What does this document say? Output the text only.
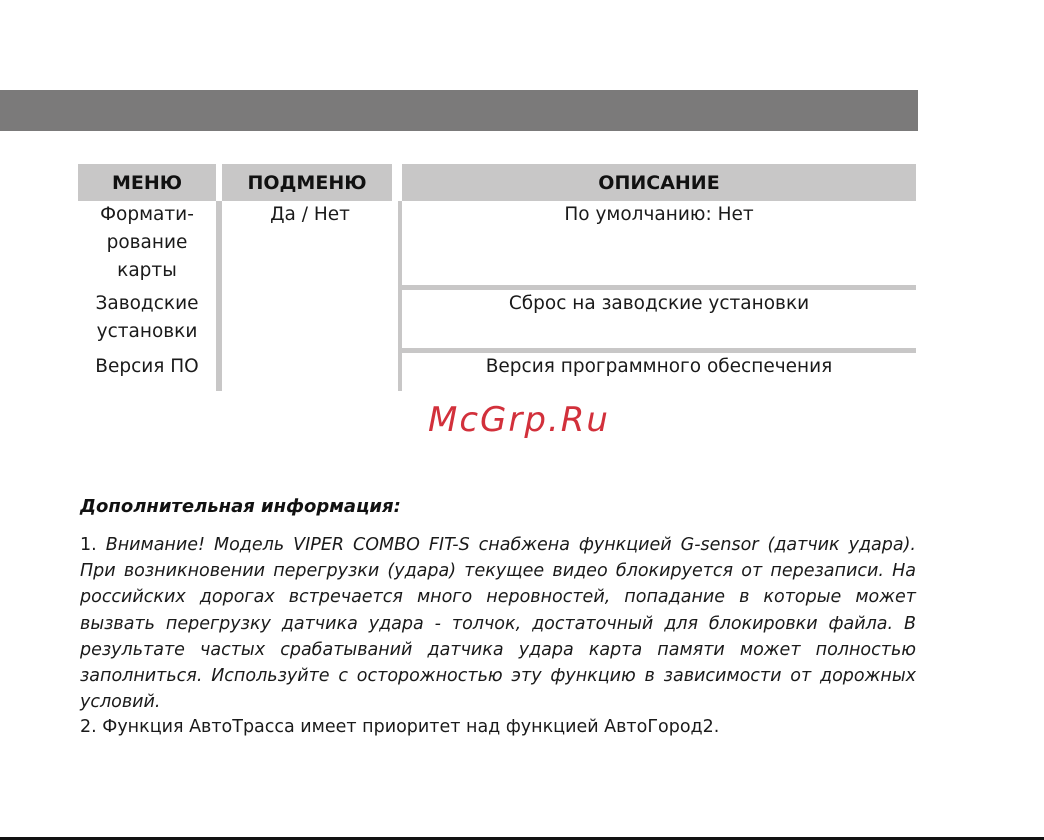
МЕНЮ	ПОДМЕНЮ	ОПИСАНИЕ
Формати-
рование
карты	Да / Нет	По умолчанию: Нет

Заводские
установки		Сброс на заводские установки

Версия ПО		Версия программного обеспечения
McGrp.Ru
Дополнительная информация:
1. Внимание! Модель VIPER COMBO FIT-S снабжена функцией G-sensor (датчик удара). При возникновении перегрузки (удара) текущее видео блокируется от перезаписи. На российских дорогах встречается много неровностей, попадание в которые может вызвать перегрузку датчика удара - толчок, достаточный для блокировки файла. В результате частых срабатываний датчика удара карта памяти может полностью заполниться. Используйте с осторожностью эту функцию в зависимости от дорожных условий.
2. Функция АвтоТрасса имеет приоритет над функцией АвтоГород2.
